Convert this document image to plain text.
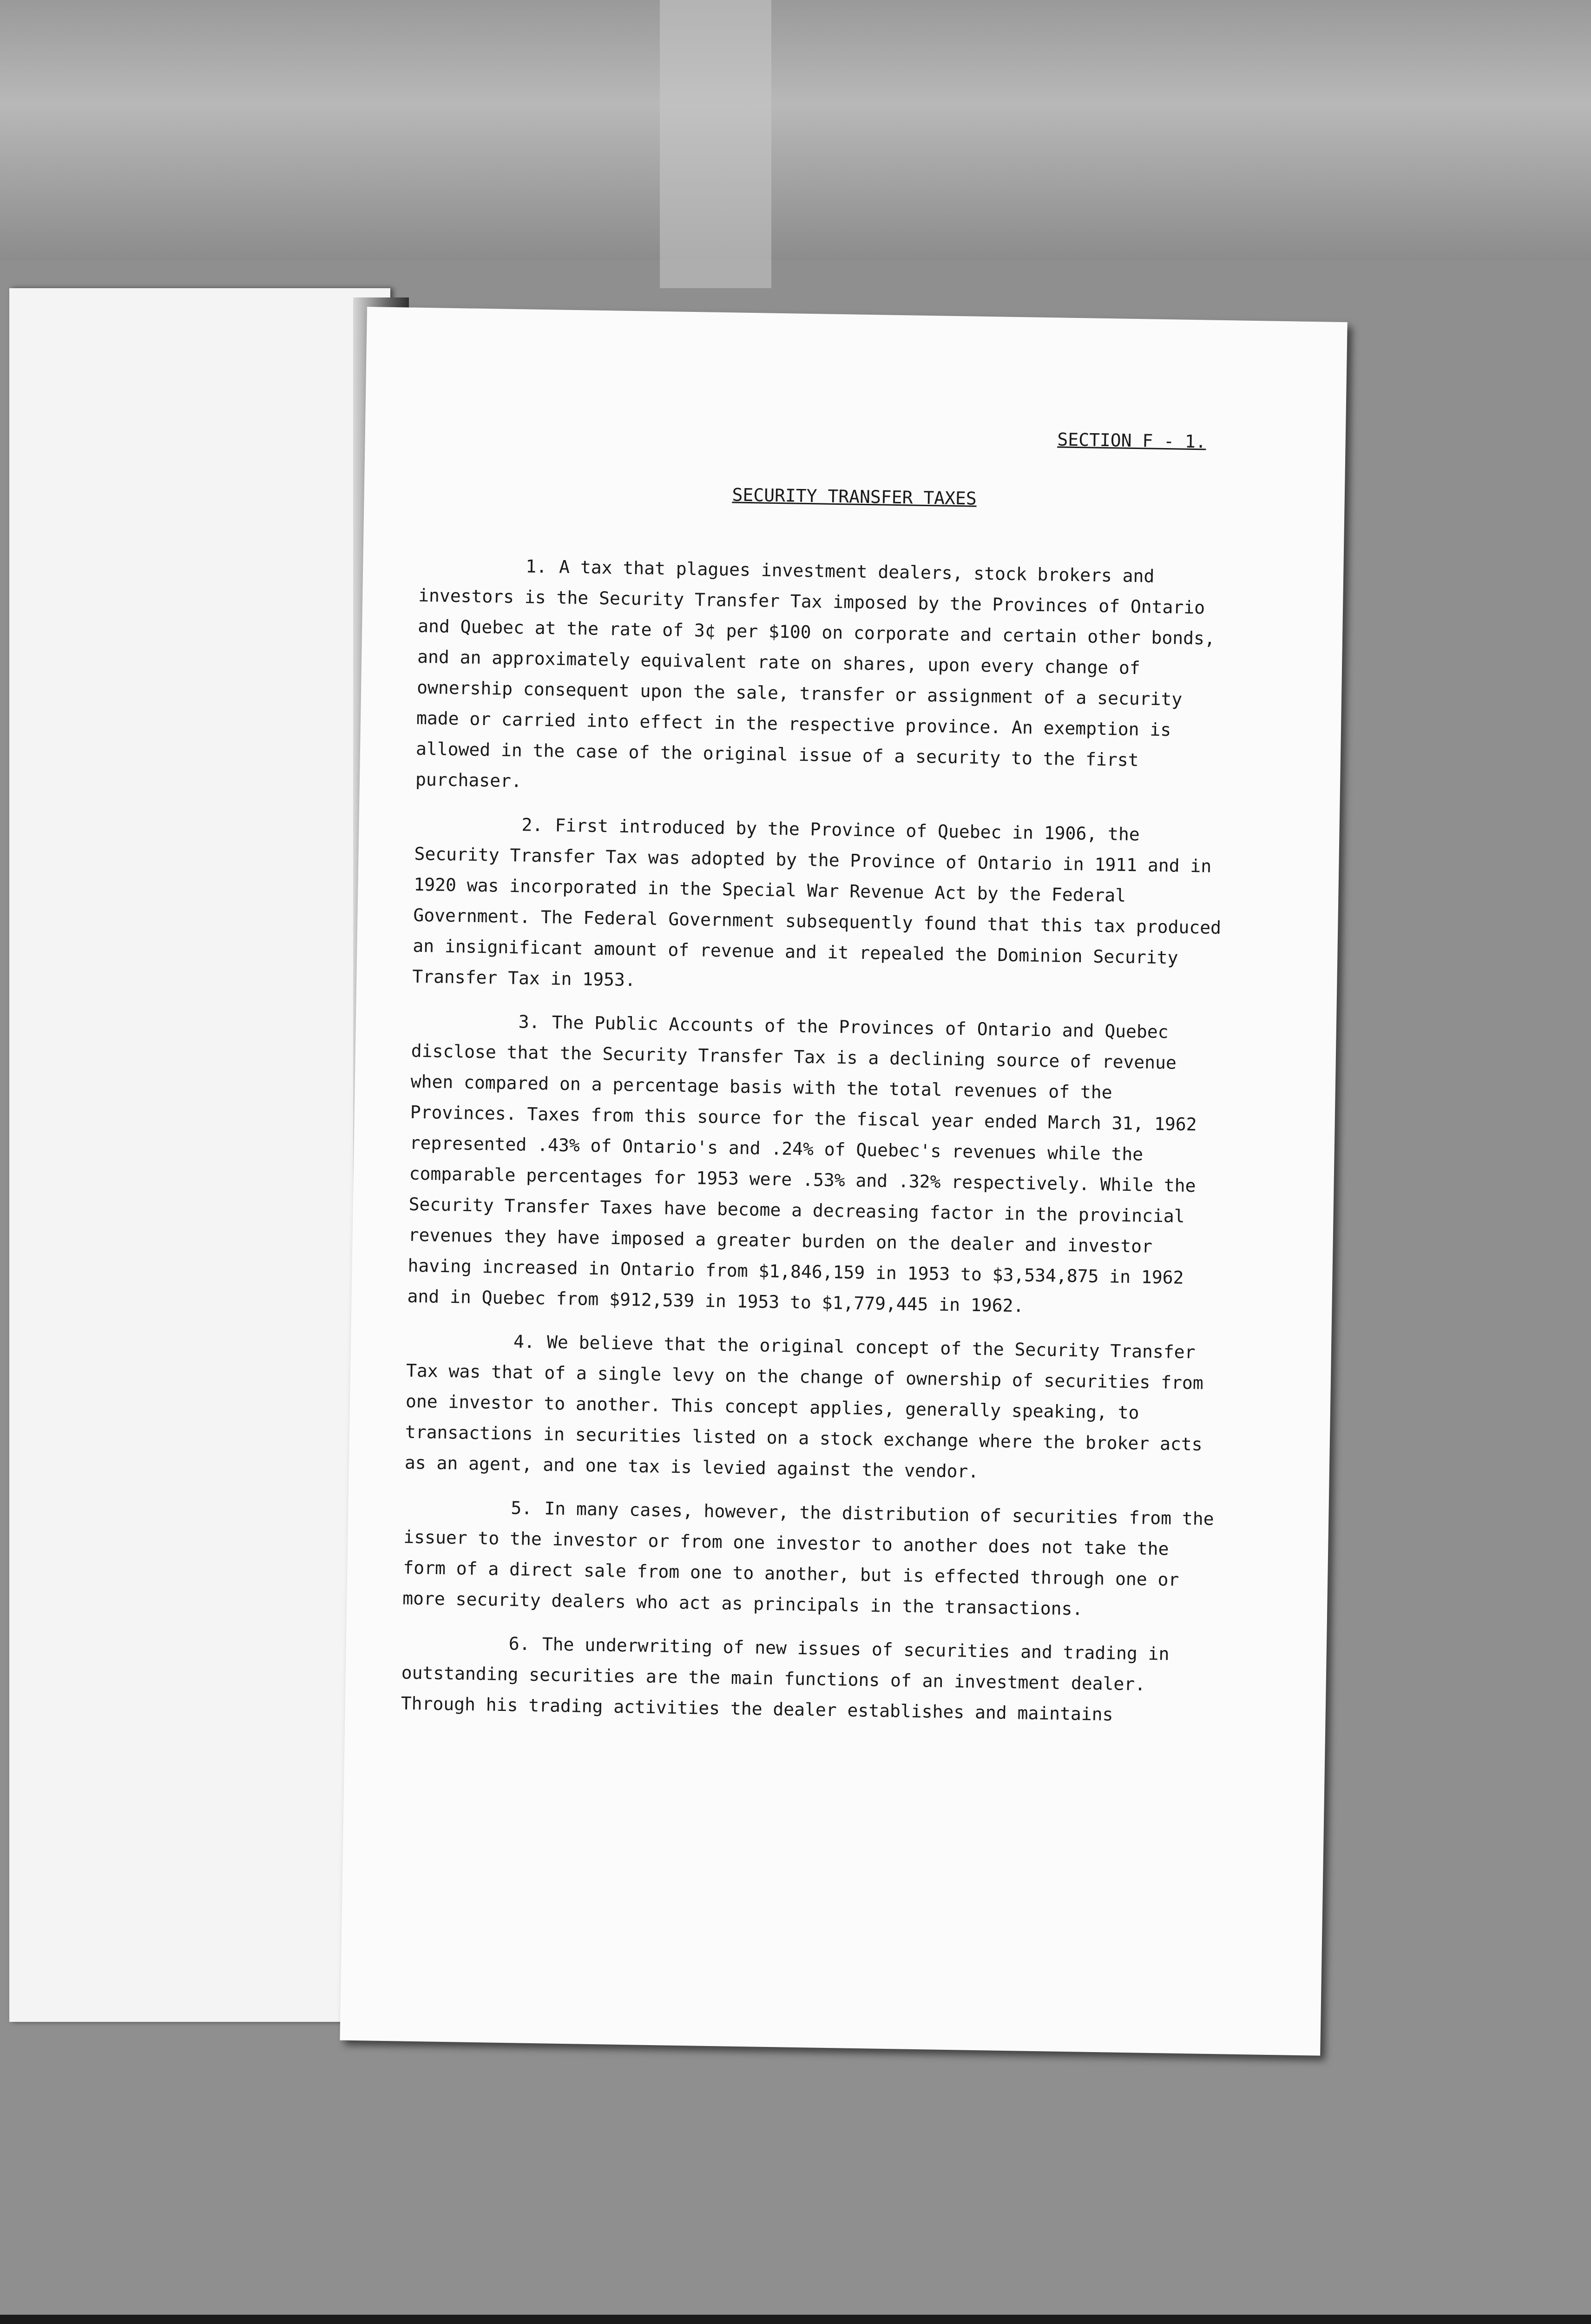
SECTION F - 1.
SECURITY TRANSFER TAXES

1. A tax that plagues investment dealers, stock brokers and investors is the Security Transfer Tax imposed by the Provinces of Ontario and Quebec at the rate of 3¢ per $100 on corporate and certain other bonds, and an approximately equivalent rate on shares, upon every change of ownership consequent upon the sale, transfer or assignment of a security made or carried into effect in the respective province. An exemption is allowed in the case of the original issue of a security to the first purchaser.

2. First introduced by the Province of Quebec in 1906, the Security Transfer Tax was adopted by the Province of Ontario in 1911 and in 1920 was incorporated in the Special War Revenue Act by the Federal Government. The Federal Government subsequently found that this tax produced an insignificant amount of revenue and it repealed the Dominion Security Transfer Tax in 1953.

3. The Public Accounts of the Provinces of Ontario and Quebec disclose that the Security Transfer Tax is a declining source of revenue when compared on a percentage basis with the total revenues of the Provinces. Taxes from this source for the fiscal year ended March 31, 1962 represented .43% of Ontario's and .24% of Quebec's revenues while the comparable percentages for 1953 were .53% and .32% respectively. While the Security Transfer Taxes have become a decreasing factor in the provincial revenues they have imposed a greater burden on the dealer and investor having increased in Ontario from $1,846,159 in 1953 to $3,534,875 in 1962 and in Quebec from $912,539 in 1953 to $1,779,445 in 1962.

4. We believe that the original concept of the Security Transfer Tax was that of a single levy on the change of ownership of securities from one investor to another. This concept applies, generally speaking, to transactions in securities listed on a stock exchange where the broker acts as an agent, and one tax is levied against the vendor.

5. In many cases, however, the distribution of securities from the issuer to the investor or from one investor to another does not take the form of a direct sale from one to another, but is effected through one or more security dealers who act as principals in the transactions.

6. The underwriting of new issues of securities and trading in outstanding securities are the main functions of an investment dealer. Through his trading activities the dealer establishes and maintains
